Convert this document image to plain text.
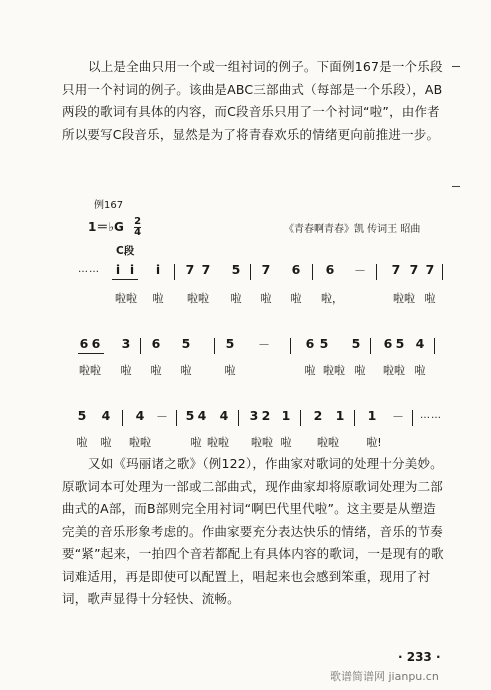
以上是全曲只用一个或一组衬词的例子。下面例167是一个乐段只用一个衬词的例子。该曲是ABC三部曲式（每部是一个乐段），AB两段的歌词有具体的内容，而C段音乐只用了一个衬词“啦”，由作者所以要写C段音乐，显然是为了将青春欢乐的情绪更向前推进一步。

例167
1＝♭G $\frac{2}{4}$	《青春啊青春》凯 传词王 昭曲
C段
…… i i i 7 7 5 7 6 6 － 7 7 7
啦啦 啦 啦啦 啦 啦 啦 啦，	啦啦 啦
6 6 3 6 5	5 －	6 5 5 6 5 4
啦啦 啦 啦 啦	啦	啦 啦啦 啦 啦啦 啦
5 4 4 － 5 4 4 3 2 1 2 1 1 － ……
啦 啦 啦啦	啦 啦啦 啦啦 啦 啦啦 啦!

又如《玛丽诸之歌》（例122），作曲家对歌词的处理十分美妙。原歌词本可处理为一部或二部曲式，现作曲家却将原歌词处理为二部曲式的A部，而B部则完全用衬词“啊巴代里代啦”。这主要是从塑造完美的音乐形象考虑的。作曲家要充分表达快乐的情绪，音乐的节奏要“紧”起来，一拍四个音若都配上有具体内容的歌词，一是现有的歌词难适用，再是即使可以配置上，唱起来也会感到笨重，现用了衬词，歌声显得十分轻快、流畅。

· 233 ·
歌谱简谱网 jianpu.cn
